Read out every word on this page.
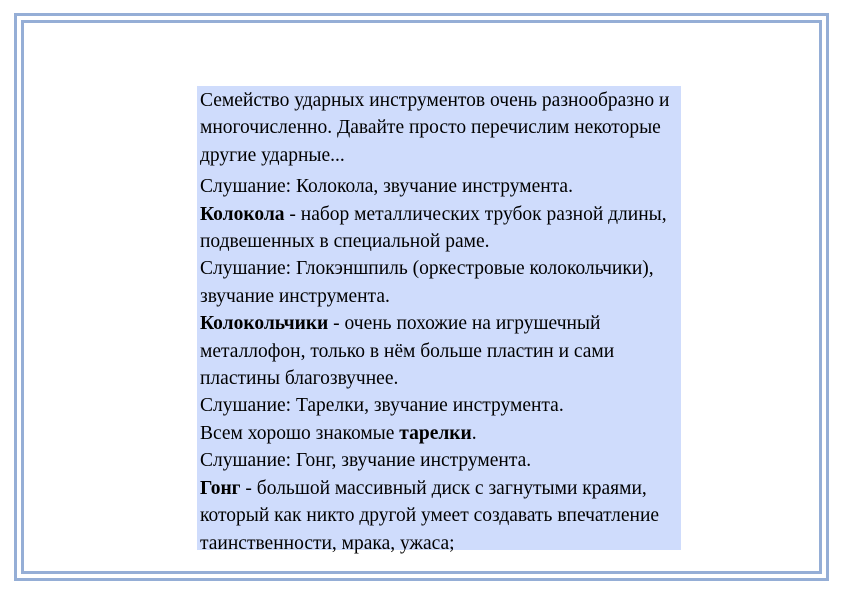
Семейство ударных инструментов очень разнообразно и многочисленно. Давайте просто перечислим некоторые другие ударные...

Слушание: Колокола, звучание инструмента.

Колокола - набор металлических трубок разной длины, подвешенных в специальной раме.

Слушание: Глокэншпиль (оркестровые колокольчики), звучание инструмента.

Колокольчики - очень похожие на игрушечный металлофон, только в нём больше пластин и сами пластины благозвучнее.

Слушание: Тарелки, звучание инструмента.

Всем хорошо знакомые тарелки.

Слушание: Гонг, звучание инструмента.

Гонг - большой массивный диск с загнутыми краями, который как никто другой умеет создавать впечатление таинственности, мрака, ужаса;
